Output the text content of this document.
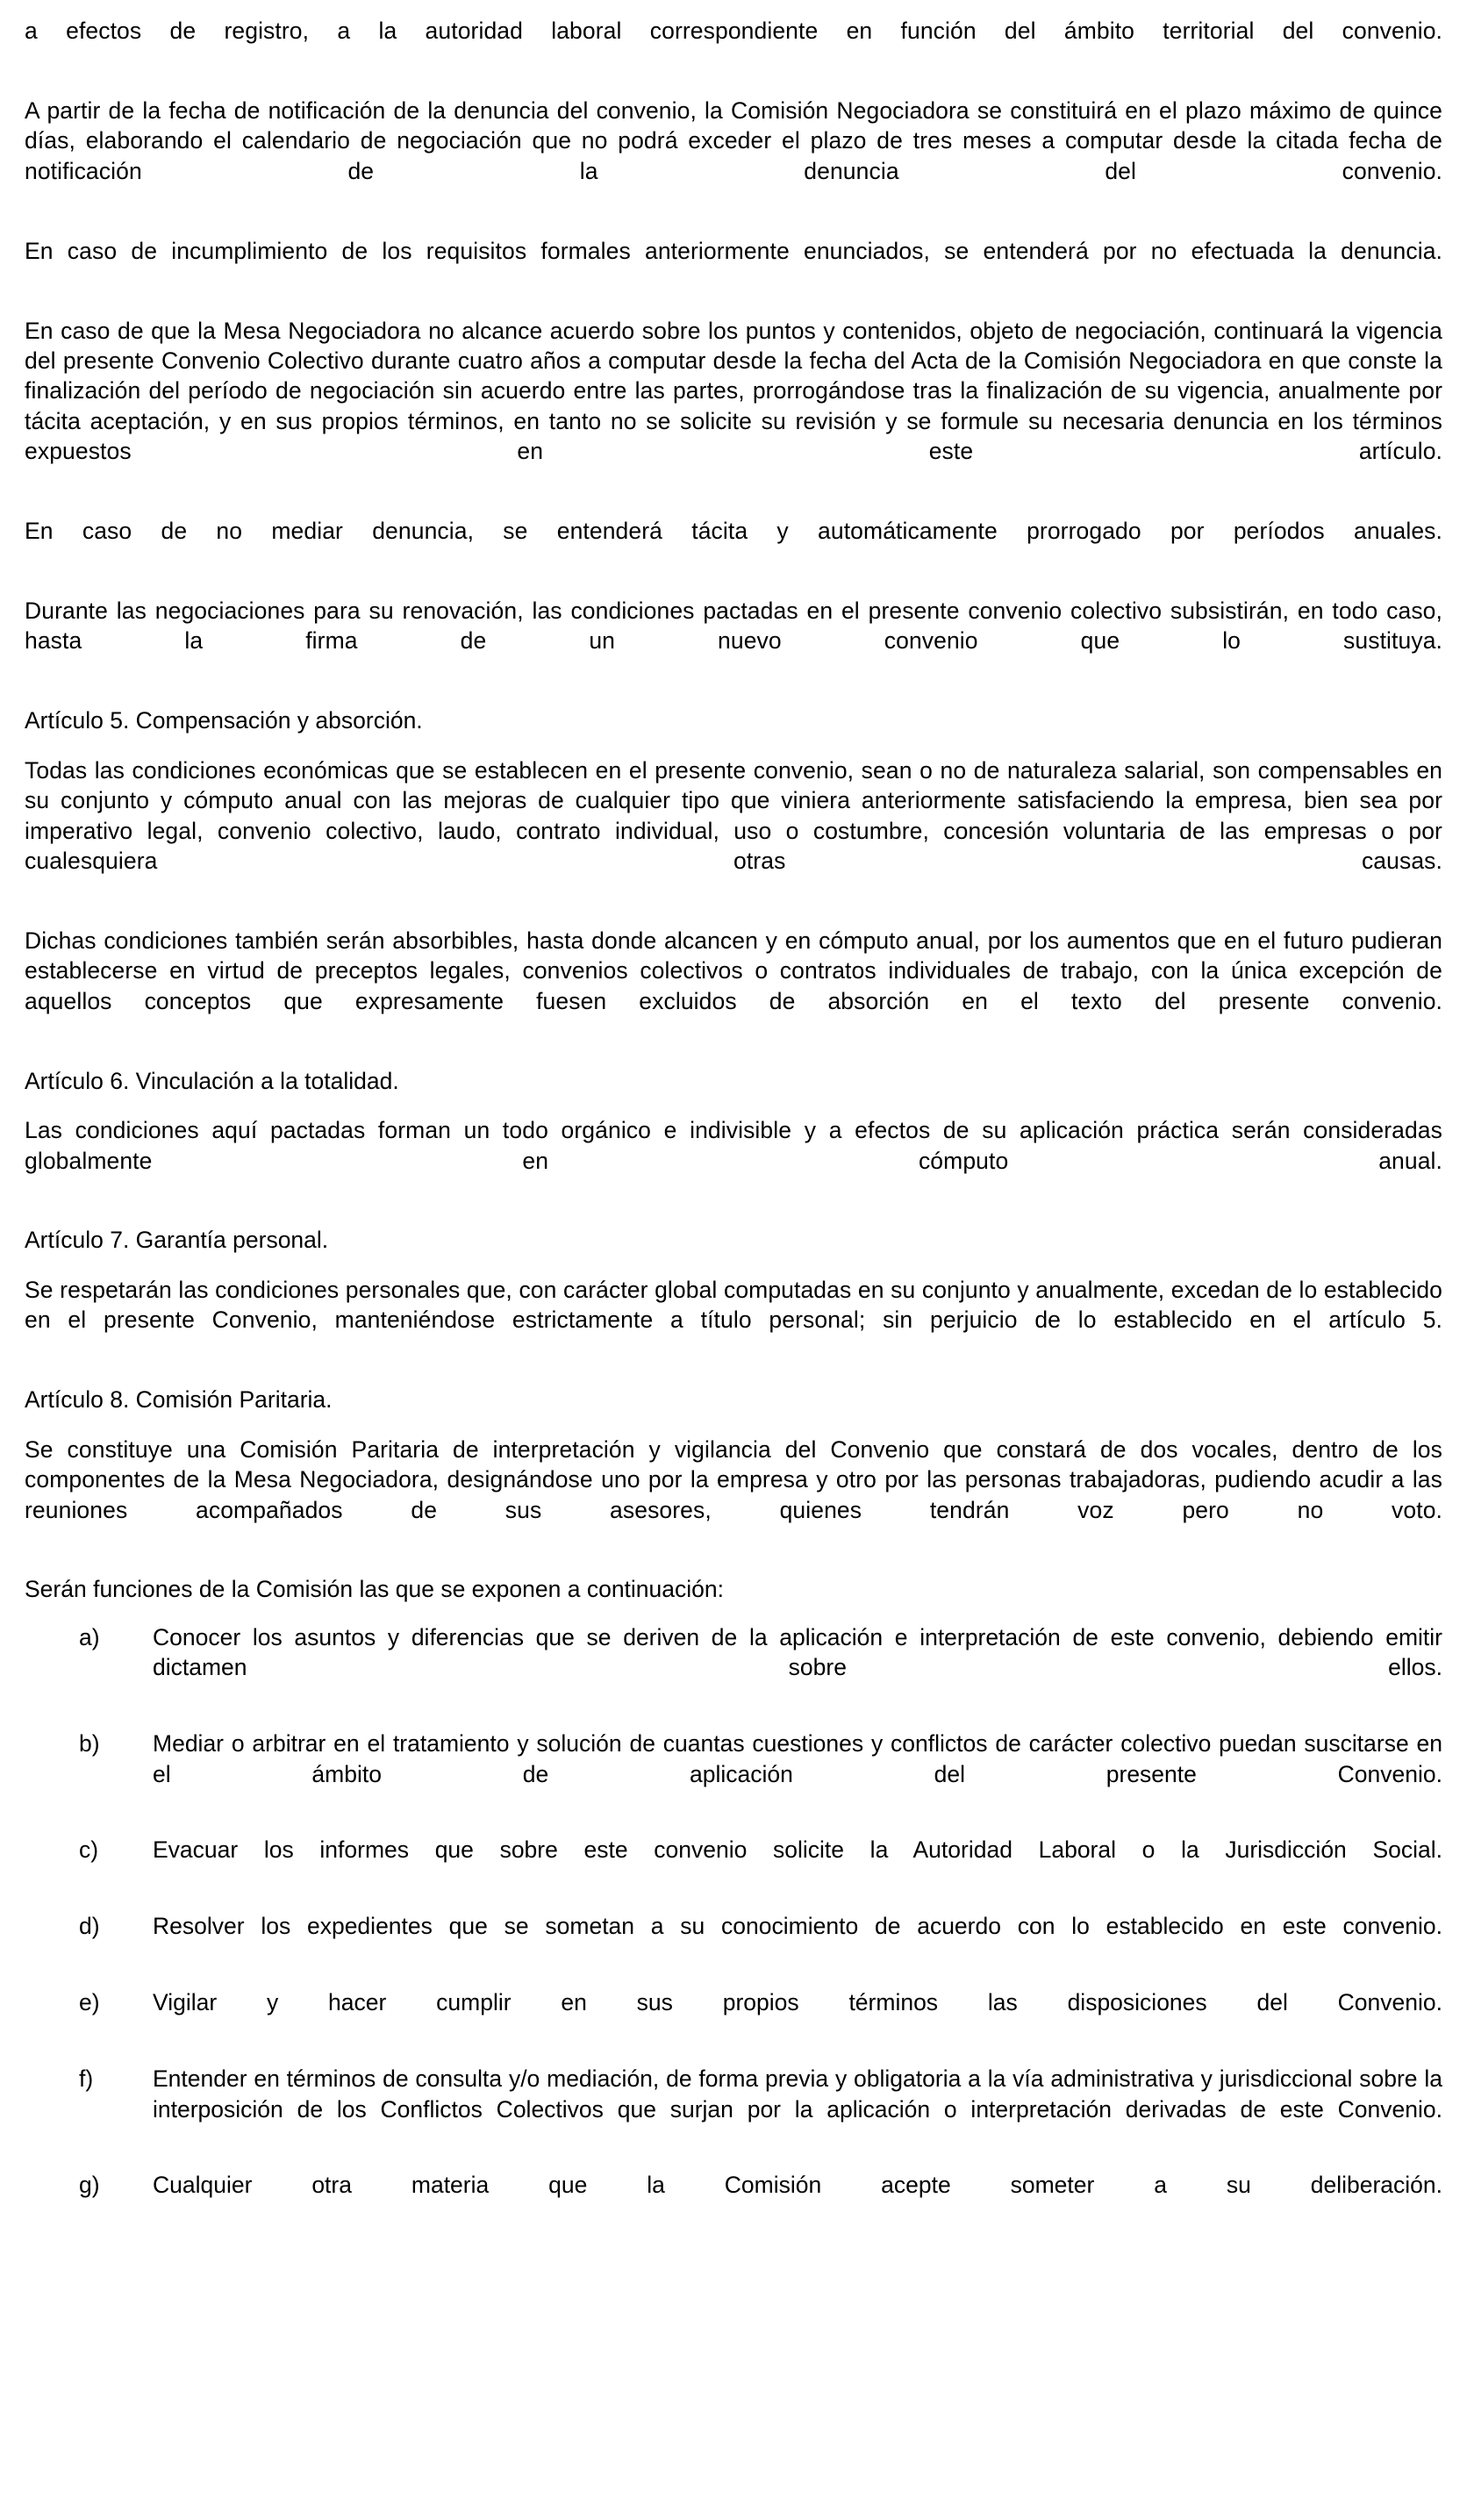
a efectos de registro, a la autoridad laboral correspondiente en función del ámbito territorial del convenio.

A partir de la fecha de notificación de la denuncia del convenio, la Comisión Negociadora se constituirá en el plazo máximo de quince días, elaborando el calendario de negociación que no podrá exceder el plazo de tres meses a computar desde la citada fecha de notificación de la denuncia del convenio.

En caso de incumplimiento de los requisitos formales anteriormente enunciados, se entenderá por no efectuada la denuncia.

En caso de que la Mesa Negociadora no alcance acuerdo sobre los puntos y contenidos, objeto de negociación, continuará la vigencia del presente Convenio Colectivo durante cuatro años a computar desde la fecha del Acta de la Comisión Negociadora en que conste la finalización del período de negociación sin acuerdo entre las partes, prorrogándose tras la finalización de su vigencia, anualmente por tácita aceptación, y en sus propios términos, en tanto no se solicite su revisión y se formule su necesaria denuncia en los términos expuestos en este artículo.

En caso de no mediar denuncia, se entenderá tácita y automáticamente prorrogado por períodos anuales.

Durante las negociaciones para su renovación, las condiciones pactadas en el presente convenio colectivo subsistirán, en todo caso, hasta la firma de un nuevo convenio que lo sustituya.

Artículo 5. Compensación y absorción.

Todas las condiciones económicas que se establecen en el presente convenio, sean o no de naturaleza salarial, son compensables en su conjunto y cómputo anual con las mejoras de cualquier tipo que viniera anteriormente satisfaciendo la empresa, bien sea por imperativo legal, convenio colectivo, laudo, contrato individual, uso o costumbre, concesión voluntaria de las empresas o por cualesquiera otras causas.

Dichas condiciones también serán absorbibles, hasta donde alcancen y en cómputo anual, por los aumentos que en el futuro pudieran establecerse en virtud de preceptos legales, convenios colectivos o contratos individuales de trabajo, con la única excepción de aquellos conceptos que expresamente fuesen excluidos de absorción en el texto del presente convenio.

Artículo 6. Vinculación a la totalidad.

Las condiciones aquí pactadas forman un todo orgánico e indivisible y a efectos de su aplicación práctica serán consideradas globalmente en cómputo anual.

Artículo 7. Garantía personal.

Se respetarán las condiciones personales que, con carácter global computadas en su conjunto y anualmente, excedan de lo establecido en el presente Convenio, manteniéndose estrictamente a título personal; sin perjuicio de lo establecido en el artículo 5.

Artículo 8. Comisión Paritaria.

Se constituye una Comisión Paritaria de interpretación y vigilancia del Convenio que constará de dos vocales, dentro de los componentes de la Mesa Negociadora, designándose uno por la empresa y otro por las personas trabajadoras, pudiendo acudir a las reuniones acompañados de sus asesores, quienes tendrán voz pero no voto.

Serán funciones de la Comisión las que se exponen a continuación:

a)	Conocer los asuntos y diferencias que se deriven de la aplicación e interpretación de este convenio, debiendo emitir dictamen sobre ellos.
b)	Mediar o arbitrar en el tratamiento y solución de cuantas cuestiones y conflictos de carácter colectivo puedan suscitarse en el ámbito de aplicación del presente Convenio.
c)	Evacuar los informes que sobre este convenio solicite la Autoridad Laboral o la Jurisdicción Social.
d)	Resolver los expedientes que se sometan a su conocimiento de acuerdo con lo establecido en este convenio.
e)	Vigilar y hacer cumplir en sus propios términos las disposiciones del Convenio.
f)	Entender en términos de consulta y/o mediación, de forma previa y obligatoria a la vía administrativa y jurisdiccional sobre la interposición de los Conflictos Colectivos que surjan por la aplicación o interpretación derivadas de este Convenio.
g)	Cualquier otra materia que la Comisión acepte someter a su deliberación.
